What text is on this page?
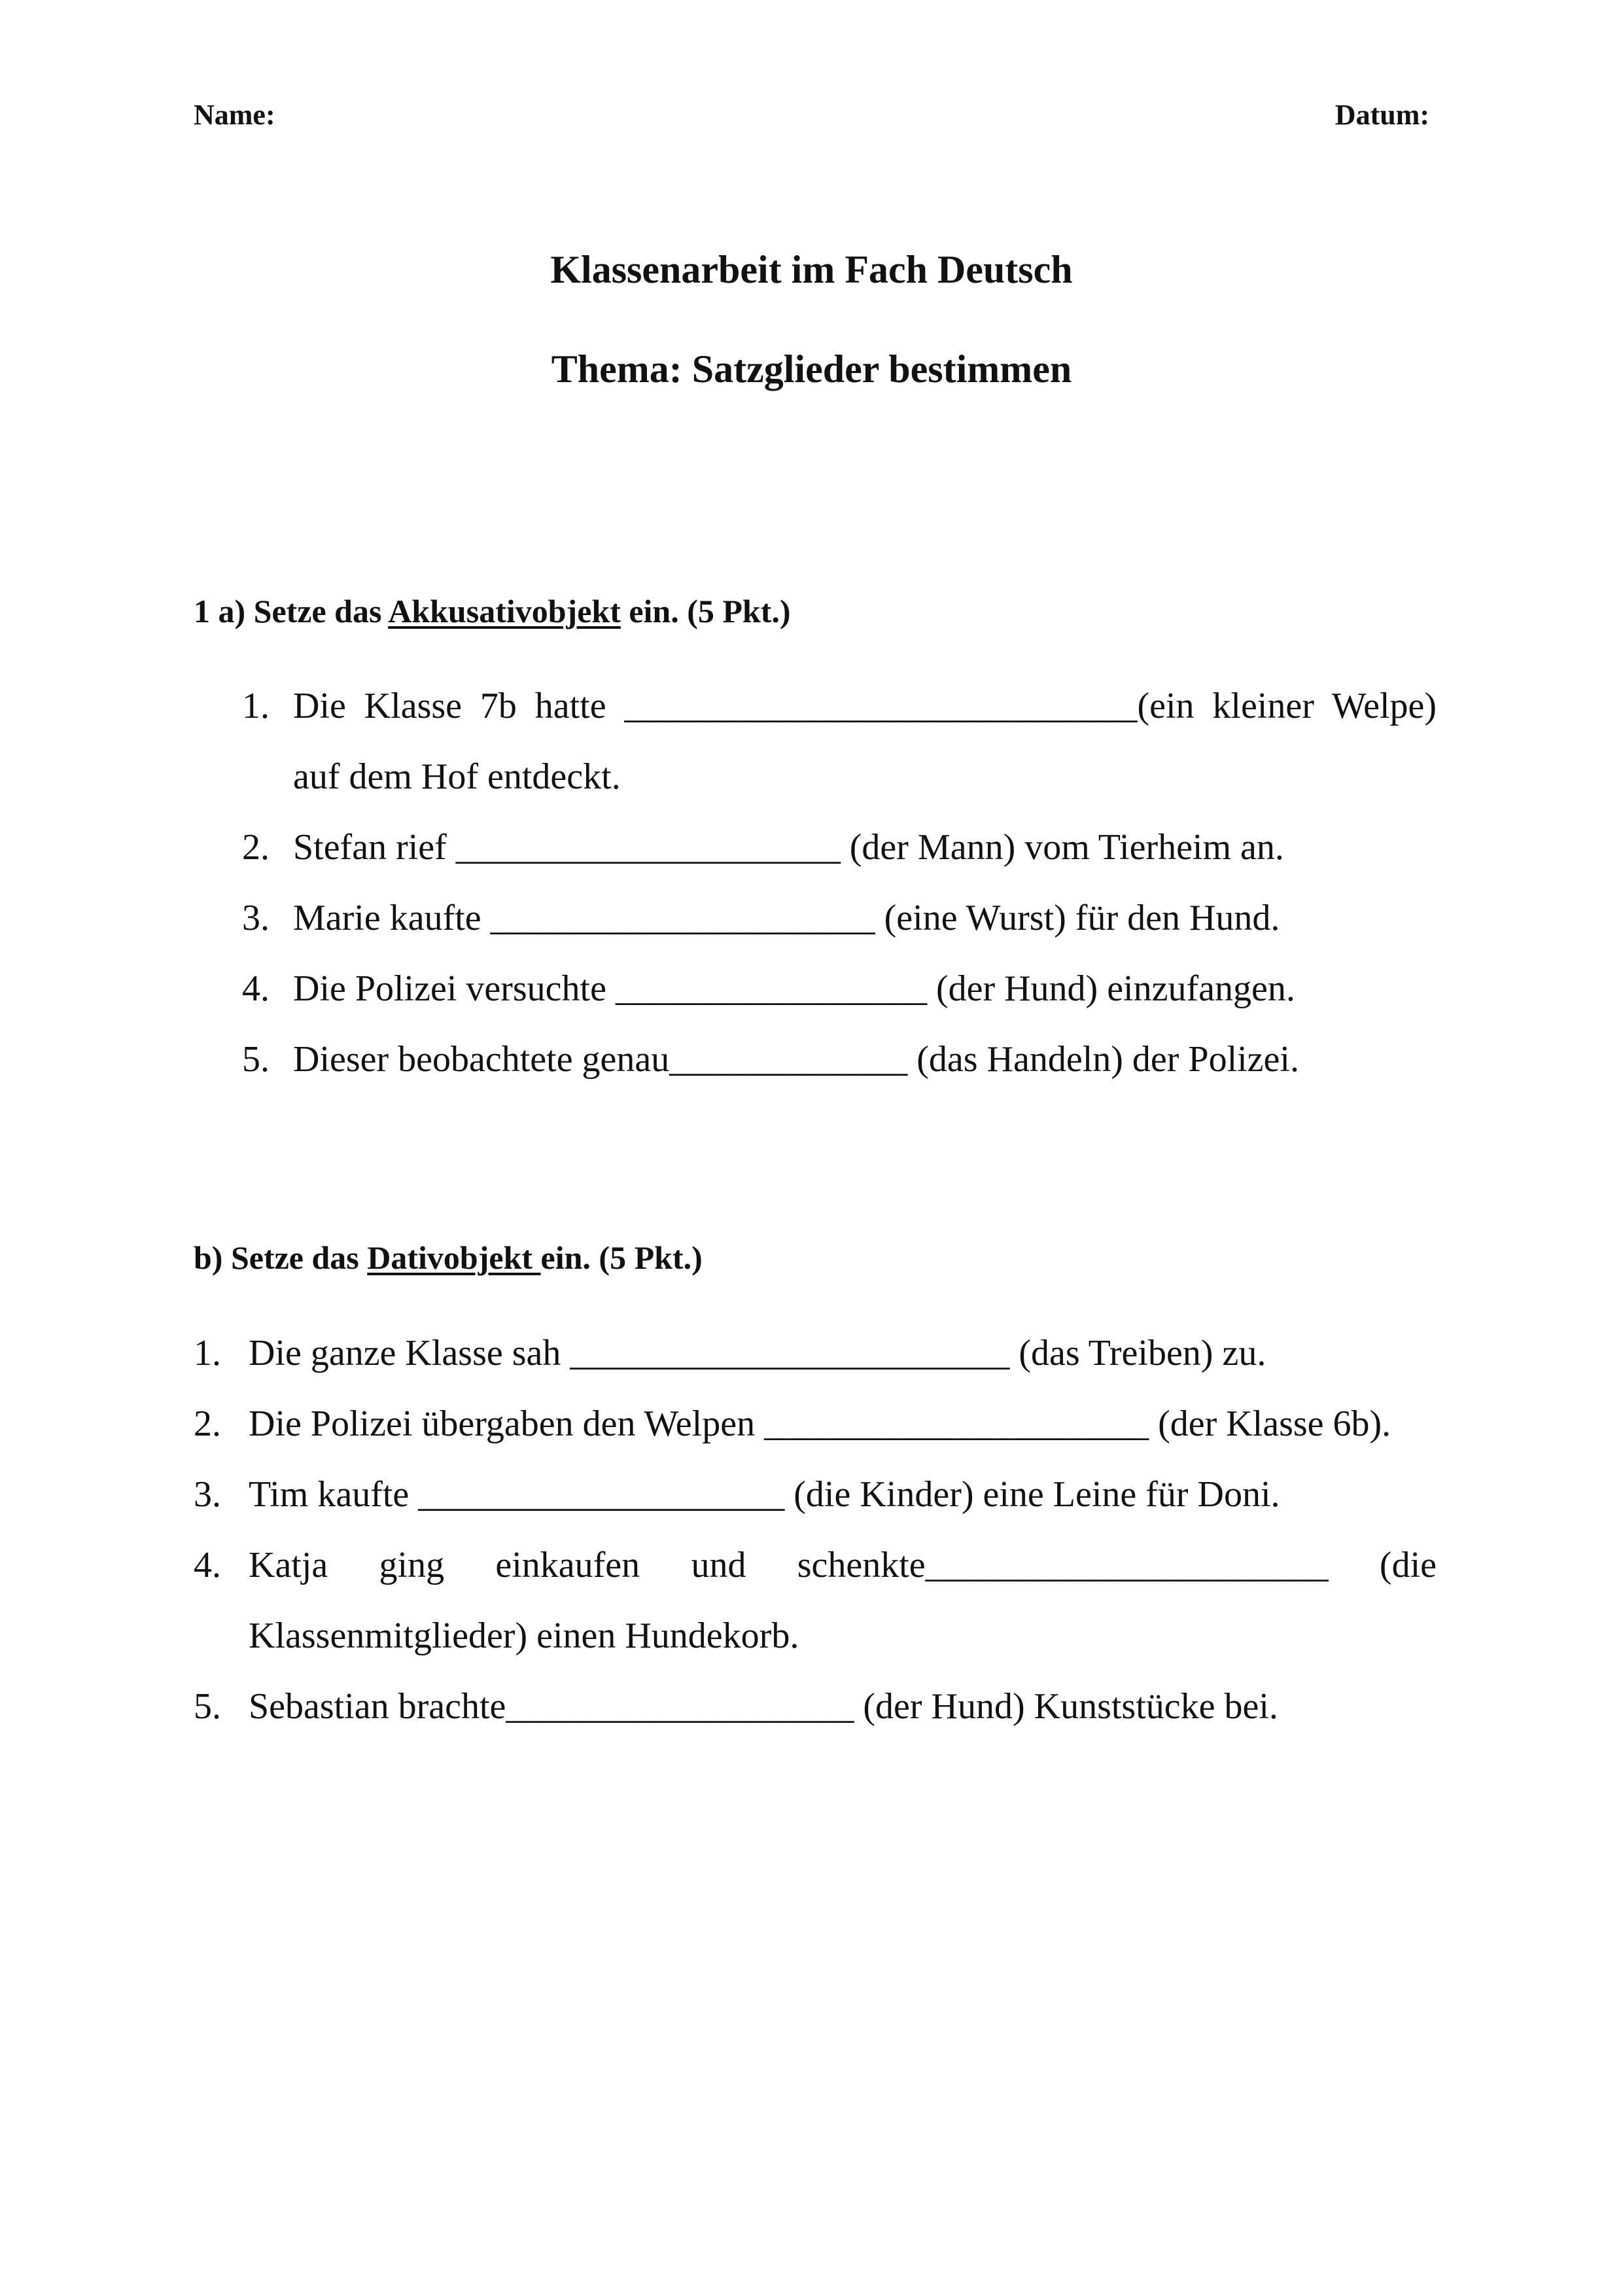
Name:	Datum:
Klassenarbeit im Fach Deutsch
Thema: Satzglieder bestimmen
1 a) Setze das Akkusativobjekt ein. (5 Pkt.)
1. Die Klasse 7b hatte ____________________________(ein kleiner Welpe) auf dem Hof entdeckt.
2. Stefan rief _____________________ (der Mann) vom Tierheim an.
3. Marie kaufte _____________________ (eine Wurst) für den Hund.
4. Die Polizei versuchte _________________ (der Hund) einzufangen.
5. Dieser beobachtete genau_____________ (das Handeln) der Polizei.
b) Setze das Dativobjekt ein. (5 Pkt.)
1. Die ganze Klasse sah ________________________ (das Treiben) zu.
2. Die Polizei übergaben den Welpen _____________________ (der Klasse 6b).
3. Tim kaufte ____________________ (die Kinder) eine Leine für Doni.
4. Katja ging einkaufen und schenkte______________________ (die Klassenmitglieder) einen Hundekorb.
5. Sebastian brachte___________________ (der Hund) Kunststücke bei.
